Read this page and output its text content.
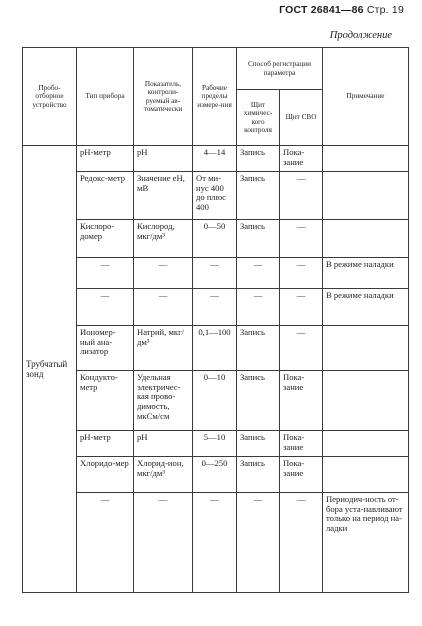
ГОСТ 26841—86 Стр. 19
Продолжение
Пробо-отборное устройство	Тип прибора	Показатель, контроли-руемый ав-томатически	Рабочие пределы измере-ния	Способ регистрации параметра		Примечание
				Щит химичес-кого контроля	Щит СВО	
Трубчатый зонд	рН-метр	рН	4—14	Запись	Пока-зание	
	Редокс-метр	Значение eH, мВ	От ми-нус 400 до плюс 400	Запись	—	

	Кислоро-домер	Кислород, мкг/дм³	0—50	Запись	—	

	—	—	—	—	—	В режиме наладки

	—	—	—	—	—	В режиме наладки
	Иономер-ный ана-лизатор	Натрий, мкг/дм³	0,1—100	Запись	—	

	Кондукто-метр	Удельная электричес-кая прово-димость, мкСм/см	0—10	Запись	Пока-зание	
	рН-метр	рН	5—10	Запись	Пока-зание	
	Хлоридо-мер	Хлорид-ион, мкг/дм³	0—250	Запись	Пока-зание	

	—	—	—	—	—	Периодич-ность от-бора уста-навливают только на период на-ладки
